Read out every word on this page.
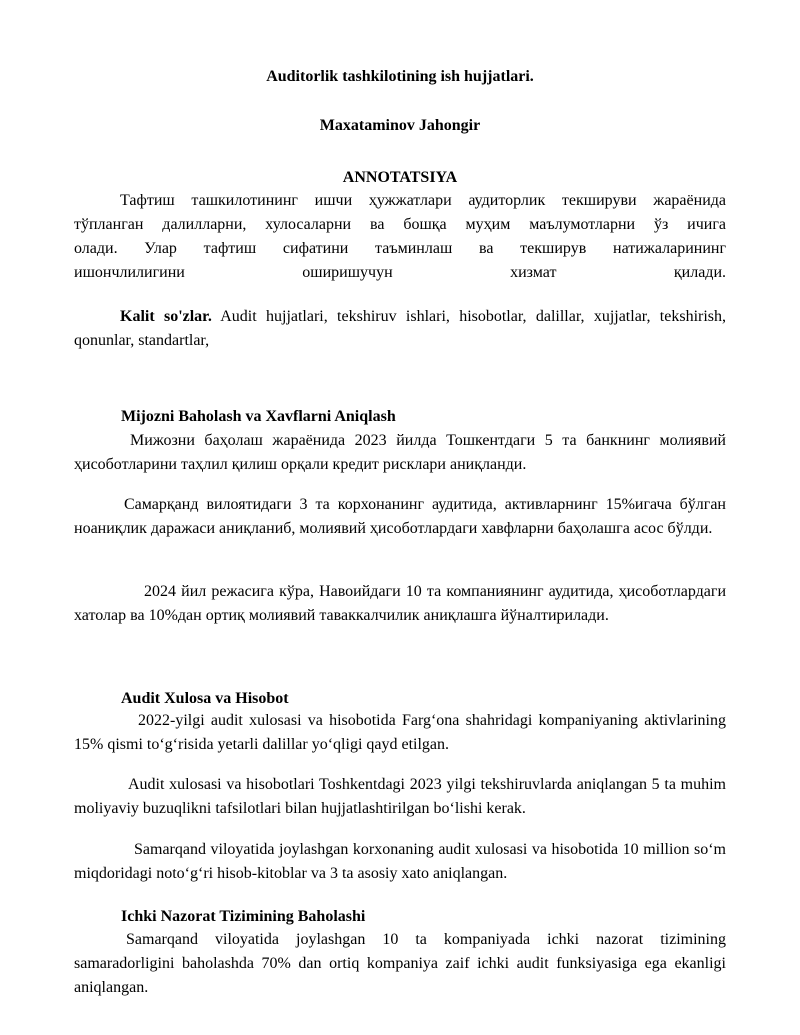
Auditorlik tashkilotining ish hujjatlari.

Maxataminov Jahongir

ANNOTATSIYA

Тафтиш ташкилотининг ишчи ҳужжатлари аудиторлик текшируви жараёнида
тўпланган далилларни, хулосаларни ва бошқа муҳим маълумотларни ўз ичига
олади. Улар тафтиш сифатини таъминлаш ва текширув натижаларининг
ишончлилигини оширишучун хизмат қилади.

Kalit so'zlar. Audit hujjatlari, tekshiruv ishlari, hisobotlar, dalillar, xujjatlar, tekshirish, qonunlar, standartlar,

Mijozni Baholash va Xavflarni Aniqlash

Мижозни баҳолаш жараёнида 2023 йилда Тошкентдаги 5 та банкнинг молиявий ҳисоботларини таҳлил қилиш орқали кредит рисклари аниқланди.

Самарқанд вилоятидаги 3 та корхонанинг аудитида, активларнинг 15%игача бўлган ноаниқлик даражаси аниқланиб, молиявий ҳисоботлардаги хавфларни баҳолашга асос бўлди.

2024 йил режасига кўра, Навоийдаги 10 та компаниянинг аудитида, ҳисоботлардаги хатолар ва 10%дан ортиқ молиявий таваккалчилик аниқлашга йўналтирилади.

Audit Xulosa va Hisobot

2022-yilgi audit xulosasi va hisobotida Farg‘ona shahridagi kompaniyaning aktivlarining 15% qismi to‘g‘risida yetarli dalillar yo‘qligi qayd etilgan.

Audit xulosasi va hisobotlari Toshkentdagi 2023 yilgi tekshiruvlarda aniqlangan 5 ta muhim moliyaviy buzuqlikni tafsilotlari bilan hujjatlashtirilgan bo‘lishi kerak.

Samarqand viloyatida joylashgan korxonaning audit xulosasi va hisobotida 10 million so‘m miqdoridagi noto‘g‘ri hisob-kitoblar va 3 ta asosiy xato aniqlangan.

Ichki Nazorat Tizimining Baholashi

Samarqand viloyatida joylashgan 10 ta kompaniyada ichki nazorat tizimining samaradorligini baholashda 70% dan ortiq kompaniya zaif ichki audit funksiyasiga ega ekanligi aniqlangan.
